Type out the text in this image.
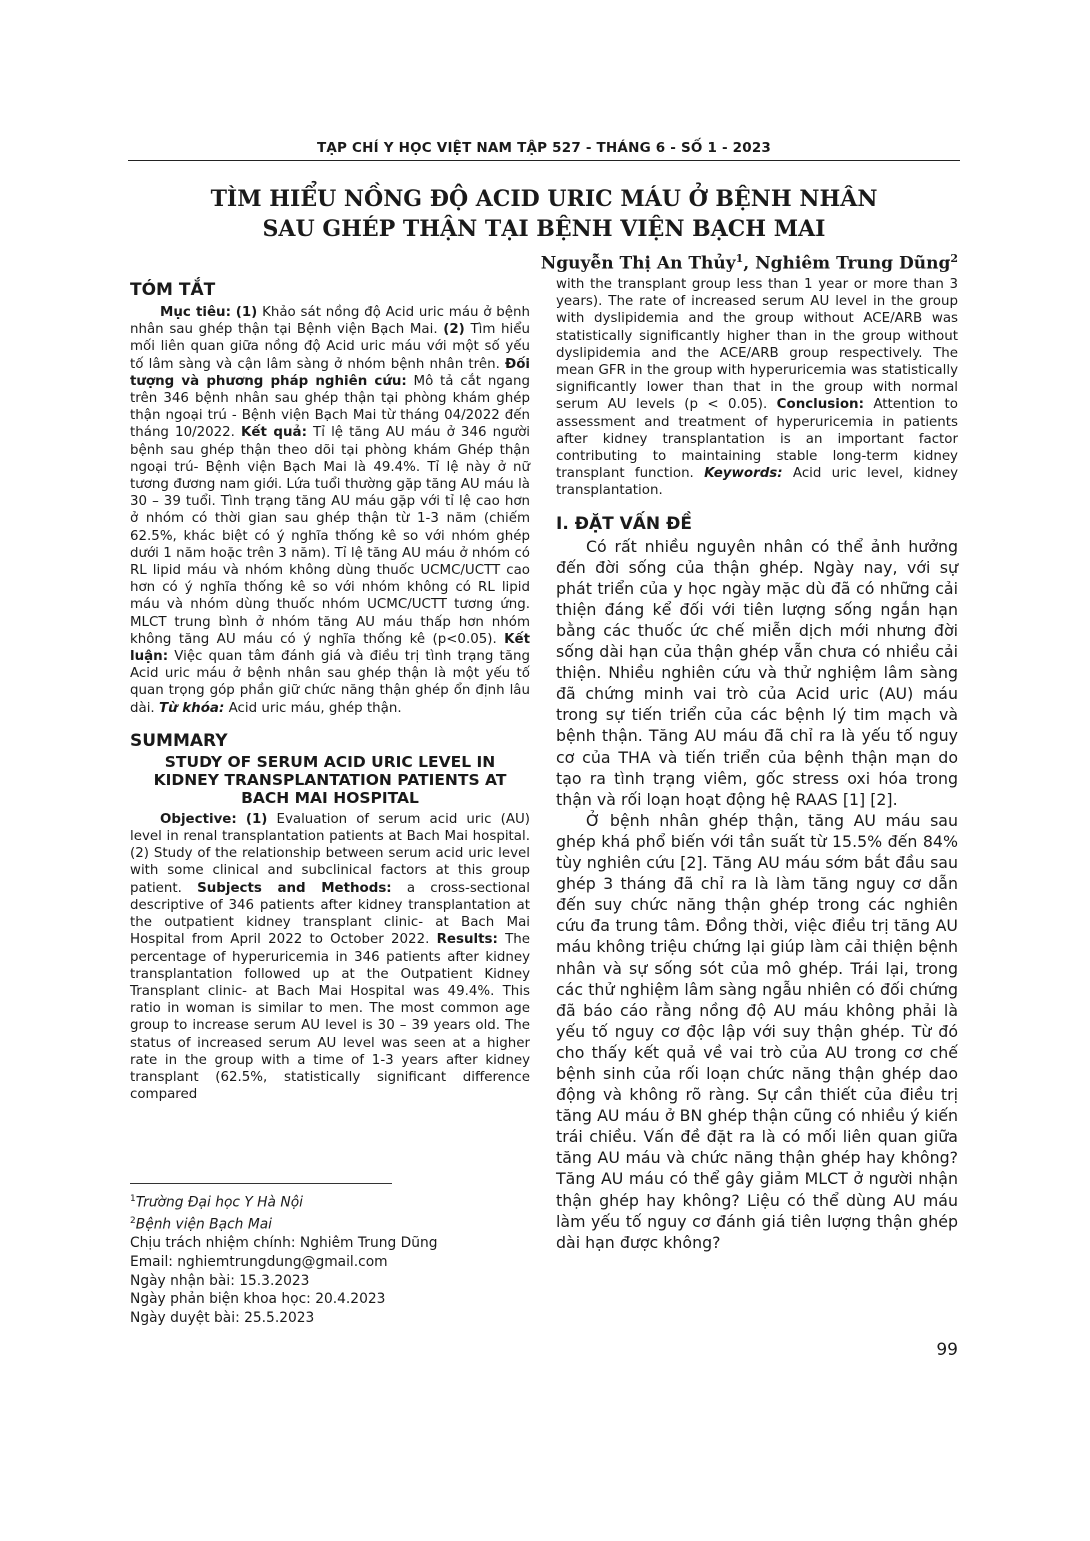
TẠP CHÍ Y HỌC VIỆT NAM TẬP 527 - THÁNG 6 - SỐ 1 - 2023
TÌM HIỂU NỒNG ĐỘ ACID URIC MÁU Ở BỆNH NHÂN
SAU GHÉP THẬN TẠI BỆNH VIỆN BẠCH MAI
Nguyễn Thị An Thủy$^1$, Nghiêm Trung Dũng$^2$
TÓM TẮT

Mục tiêu: (1) Khảo sát nồng độ Acid uric máu ở bệnh nhân sau ghép thận tại Bệnh viện Bạch Mai. (2) Tìm hiểu mối liên quan giữa nồng độ Acid uric máu với một số yếu tố lâm sàng và cận lâm sàng ở nhóm bệnh nhân trên. Đối tượng và phương pháp nghiên cứu: Mô tả cắt ngang trên 346 bệnh nhân sau ghép thận tại phòng khám ghép thận ngoại trú - Bệnh viện Bạch Mai từ tháng 04/2022 đến tháng 10/2022. Kết quả: Tỉ lệ tăng AU máu ở 346 người bệnh sau ghép thận theo dõi tại phòng khám Ghép thận ngoại trú- Bệnh viện Bạch Mai là 49.4%. Tỉ lệ này ở nữ tương đương nam giới. Lứa tuổi thường gặp tăng AU máu là 30 – 39 tuổi. Tình trạng tăng AU máu gặp với tỉ lệ cao hơn ở nhóm có thời gian sau ghép thận từ 1-3 năm (chiếm 62.5%, khác biệt có ý nghĩa thống kê so với nhóm ghép dưới 1 năm hoặc trên 3 năm). Tỉ lệ tăng AU máu ở nhóm có RL lipid máu và nhóm không dùng thuốc UCMC/UCTT cao hơn có ý nghĩa thống kê so với nhóm không có RL lipid máu và nhóm dùng thuốc nhóm UCMC/UCTT tương ứng. MLCT trung bình ở nhóm tăng AU máu thấp hơn nhóm không tăng AU máu có ý nghĩa thống kê (p<0.05). Kết luận: Việc quan tâm đánh giá và điều trị tình trạng tăng Acid uric máu ở bệnh nhân sau ghép thận là một yếu tố quan trọng góp phần giữ chức năng thận ghép ổn định lâu dài. Từ khóa: Acid uric máu, ghép thận.

SUMMARY
STUDY OF SERUM ACID URIC LEVEL IN KIDNEY TRANSPLANTATION PATIENTS AT BACH MAI HOSPITAL

Objective: (1) Evaluation of serum acid uric (AU) level in renal transplantation patients at Bach Mai hospital. (2) Study of the relationship between serum acid uric level with some clinical and subclinical factors at this group patient. Subjects and Methods: a cross-sectional descriptive of 346 patients after kidney transplantation at the outpatient kidney transplant clinic- at Bach Mai Hospital from April 2022 to October 2022. Results: The percentage of hyperuricemia in 346 patients after kidney transplantation followed up at the Outpatient Kidney Transplant clinic- at Bach Mai Hospital was 49.4%. This ratio in woman is similar to men. The most common age group to increase serum AU level is 30 – 39 years old. The status of increased serum AU level was seen at a higher rate in the group with a time of 1-3 years after kidney transplant (62.5%, statistically significant difference compared

$^1$Trường Đại học Y Hà Nội
$^2$Bệnh viện Bạch Mai
Chịu trách nhiệm chính: Nghiêm Trung Dũng
Email: nghiemtrungdung@gmail.com
Ngày nhận bài: 15.3.2023
Ngày phản biện khoa học: 20.4.2023
Ngày duyệt bài: 25.5.2023

with the transplant group less than 1 year or more than 3 years). The rate of increased serum AU level in the group with dyslipidemia and the group without ACE/ARB was statistically significantly higher than in the group without dyslipidemia and the ACE/ARB group respectively. The mean GFR in the group with hyperuricemia was statistically significantly lower than that in the group with normal serum AU levels (p < 0.05). Conclusion: Attention to assessment and treatment of hyperuricemia in patients after kidney transplantation is an important factor contributing to maintaining stable long-term kidney transplant function. Keywords: Acid uric level, kidney transplantation.

I. ĐẶT VẤN ĐỀ

Có rất nhiều nguyên nhân có thể ảnh hưởng đến đời sống của thận ghép. Ngày nay, với sự phát triển của y học ngày mặc dù đã có những cải thiện đáng kể đối với tiên lượng sống ngắn hạn bằng các thuốc ức chế miễn dịch mới nhưng đời sống dài hạn của thận ghép vẫn chưa có nhiều cải thiện. Nhiều nghiên cứu và thử nghiệm lâm sàng đã chứng minh vai trò của Acid uric (AU) máu trong sự tiến triển của các bệnh lý tim mạch và bệnh thận. Tăng AU máu đã chỉ ra là yếu tố nguy cơ của THA và tiến triển của bệnh thận mạn do tạo ra tình trạng viêm, gốc stress oxi hóa trong thận và rối loạn hoạt động hệ RAAS [1] [2].

Ở bệnh nhân ghép thận, tăng AU máu sau ghép khá phổ biến với tần suất từ 15.5% đến 84% tùy nghiên cứu [2]. Tăng AU máu sớm bắt đầu sau ghép 3 tháng đã chỉ ra là làm tăng nguy cơ dẫn đến suy chức năng thận ghép trong các nghiên cứu đa trung tâm. Đồng thời, việc điều trị tăng AU máu không triệu chứng lại giúp làm cải thiện bệnh nhân và sự sống sót của mô ghép. Trái lại, trong các thử nghiệm lâm sàng ngẫu nhiên có đối chứng đã báo cáo rằng nồng độ AU máu không phải là yếu tố nguy cơ độc lập với suy thận ghép. Từ đó cho thấy kết quả về vai trò của AU trong cơ chế bệnh sinh của rối loạn chức năng thận ghép dao động và không rõ ràng. Sự cần thiết của điều trị tăng AU máu ở BN ghép thận cũng có nhiều ý kiến trái chiều. Vấn đề đặt ra là có mối liên quan giữa tăng AU máu và chức năng thận ghép hay không? Tăng AU máu có thể gây giảm MLCT ở người nhận thận ghép hay không? Liệu có thể dùng AU máu làm yếu tố nguy cơ đánh giá tiên lượng thận ghép dài hạn được không?

99
